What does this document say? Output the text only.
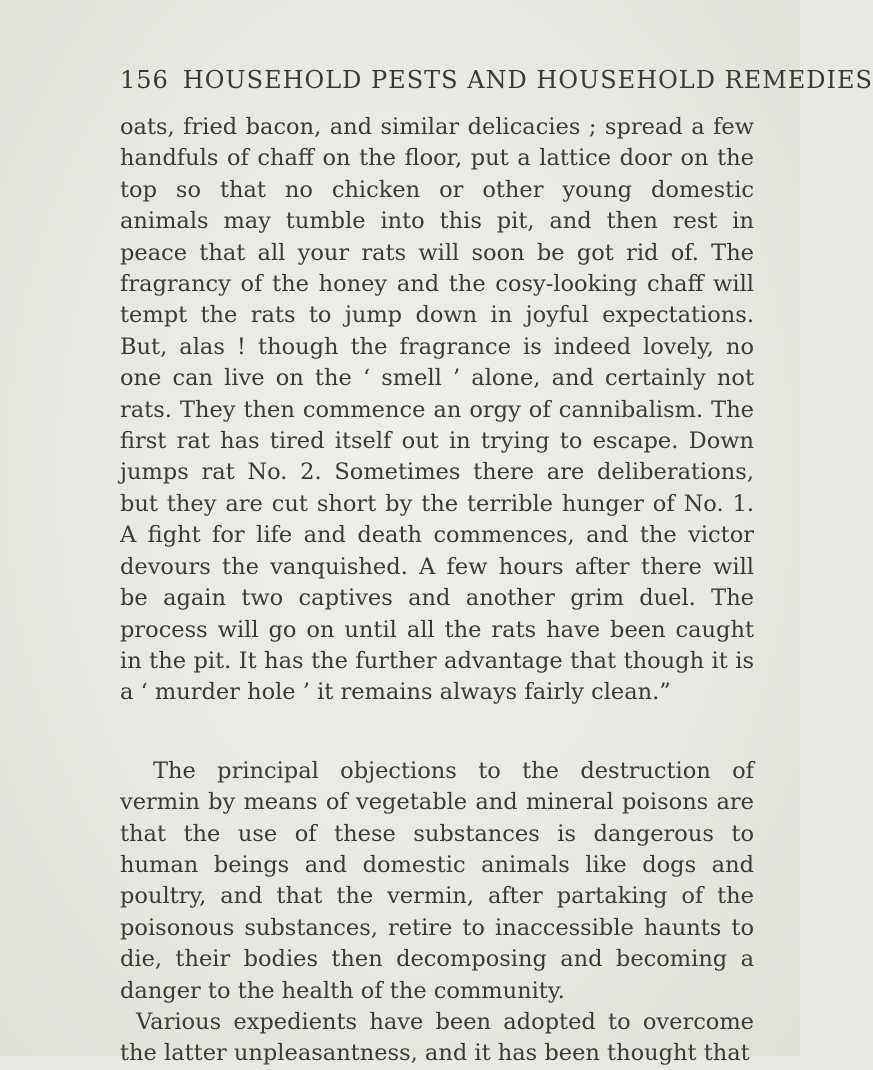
156 HOUSEHOLD PESTS AND HOUSEHOLD REMEDIES

oats, fried bacon, and similar delicacies ; spread a few handfuls of chaff on the floor, put a lattice door on the top so that no chicken or other young domestic animals may tumble into this pit, and then rest in peace that all your rats will soon be got rid of. The fragrancy of the honey and the cosy-looking chaff will tempt the rats to jump down in joyful expectations. But, alas ! though the fragrance is indeed lovely, no one can live on the ‘ smell ’ alone, and certainly not rats. They then commence an orgy of cannibalism. The first rat has tired itself out in trying to escape. Down jumps rat No. 2. Sometimes there are deliberations, but they are cut short by the terrible hunger of No. 1. A fight for life and death commences, and the victor devours the vanquished. A few hours after there will be again two captives and another grim duel. The process will go on until all the rats have been caught in the pit. It has the further advantage that though it is a ‘ murder hole ’ it remains always fairly clean.”

The principal objections to the destruction of vermin by means of vegetable and mineral poisons are that the use of these substances is dangerous to human beings and domestic animals like dogs and poultry, and that the vermin, after partaking of the poisonous substances, retire to inaccessible haunts to die, their bodies then decomposing and becoming a danger to the health of the community.

Various expedients have been adopted to overcome the latter unpleasantness, and it has been thought that
